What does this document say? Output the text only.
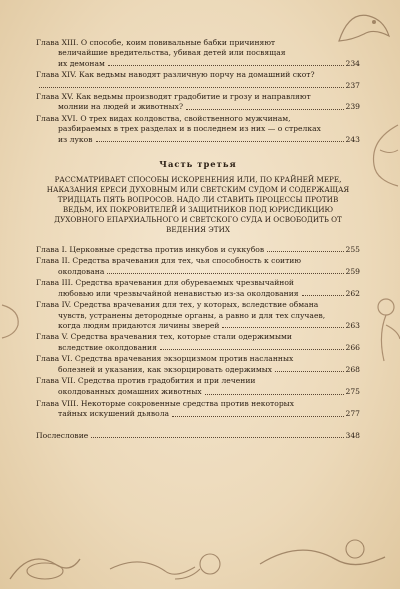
Глава XIII. О способе, коим повивальные бабки причиняют
величайшие вредительства, убивая детей или посвящая
их демонам	234
Глава XIV. Как ведьмы наводят различную порчу на домашний скот?
237
Глава XV. Как ведьмы производят градобитие и грозу и направляют
молнии на людей и животных?	239
Глава XVI. О трех видах колдовства, свойственного мужчинам,
разбираемых в трех разделах и в последнем из них — о стрелках
из луков	243
Часть третья
РАССМАТРИВАЕТ СПОСОБЫ ИСКОРЕНЕНИЯ ИЛИ, ПО КРАЙНЕЙ МЕРЕ, НАКАЗАНИЯ ЕРЕСИ ДУХОВНЫМ ИЛИ СВЕТСКИМ СУДОМ И СОДЕРЖАЩАЯ ТРИДЦАТЬ ПЯТЬ ВОПРОСОВ. НАДО ЛИ СТАВИТЬ ПРОЦЕССЫ ПРОТИВ ВЕДЬМ, ИХ ПОКРОВИТЕЛЕЙ И ЗАЩИТНИКОВ ПОД ЮРИСДИКЦИЮ ДУХОВНОГО ЕПАРХИАЛЬНОГО И СВЕТСКОГО СУДА И ОСВОБОДИТЬ ОТ ВЕДЕНИЯ ЭТИХ
Глава I. Церковные средства против инкубов и суккубов	255
Глава II. Средства врачевания для тех, чья способность к соитию
околдована	259
Глава III. Средства врачевания для обуреваемых чрезвычайной
любовью или чрезвычайной ненавистью из-за околдования	262
Глава IV. Средства врачевания для тех, у которых, вследствие обмана
чувств, устранены детородные органы, а равно и для тех случаев,
когда людям придаются личины зверей	263
Глава V. Средства врачевания тех, которые стали одержимыми
вследствие околдования	266
Глава VI. Средства врачевания экзорцизмом против насланных
болезней и указания, как экзорцировать одержимых	268
Глава VII. Средства против градобития и при лечении
околдованных домашних животных	275
Глава VIII. Некоторые сокровенные средства против некоторых
тайных искушений дьявола	277
Послесловие	348
